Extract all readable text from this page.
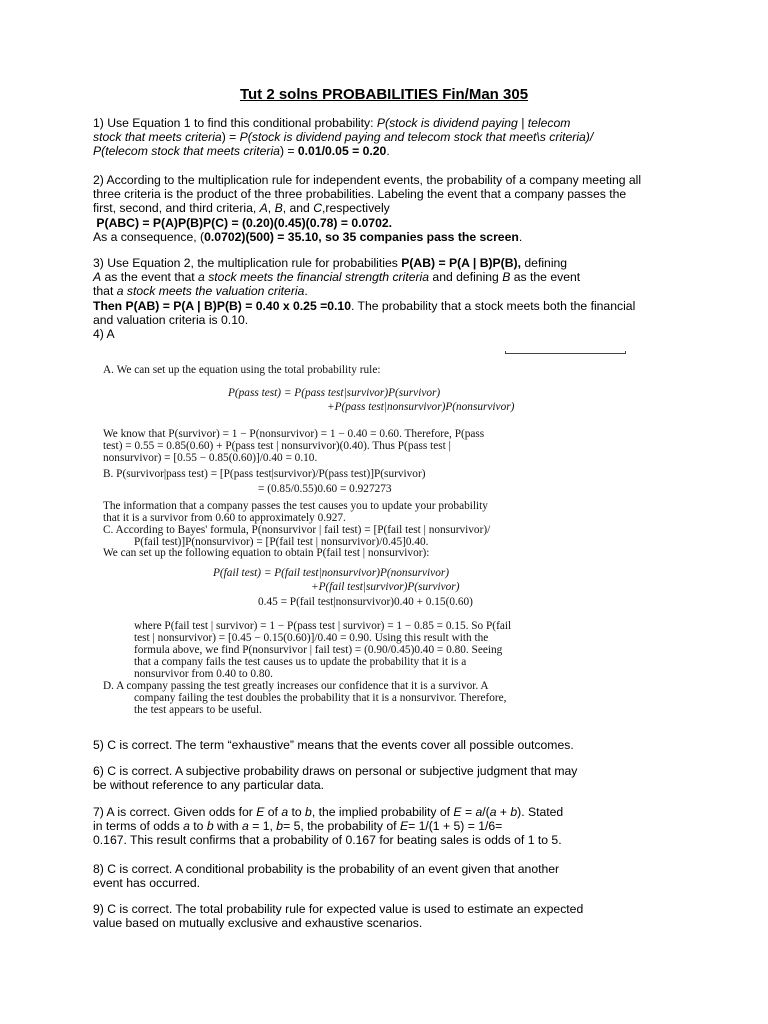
Tut 2 solns PROBABILITIES Fin/Man 305
1) Use Equation 1 to find this conditional probability: P(stock is dividend paying | telecom
stock that meets criteria) = P(stock is dividend paying and telecom stock that meet\s criteria)/
P(telecom stock that meets criteria) = 0.01/0.05 = 0.20.
2) According to the multiplication rule for independent events, the probability of a company meeting all
three criteria is the product of the three probabilities. Labeling the event that a company passes the
first, second, and third criteria, A, B, and C,respectively
P(ABC) = P(A)P(B)P(C) = (0.20)(0.45)(0.78) = 0.0702.
As a consequence, (0.0702)(500) = 35.10, so 35 companies pass the screen.
3) Use Equation 2, the multiplication rule for probabilities P(AB) = P(A | B)P(B), defining
A as the event that a stock meets the financial strength criteria and defining B as the event
that a stock meets the valuation criteria.
Then P(AB) = P(A | B)P(B) = 0.40 x 0.25 =0.10. The probability that a stock meets both the financial
and valuation criteria is 0.10.
4) A
A. We can set up the equation using the total probability rule:
P(pass test) = P(pass test|survivor)P(survivor)
+P(pass test|nonsurvivor)P(nonsurvivor)
We know that P(survivor) = 1 − P(nonsurvivor) = 1 − 0.40 = 0.60. Therefore, P(pass
test) = 0.55 = 0.85(0.60) + P(pass test | nonsurvivor)(0.40). Thus P(pass test |
nonsurvivor) = [0.55 − 0.85(0.60)]/0.40 = 0.10.
B. P(survivor|pass test) = [P(pass test|survivor)/P(pass test)]P(survivor)
= (0.85/0.55)0.60 = 0.927273
The information that a company passes the test causes you to update your probability
that it is a survivor from 0.60 to approximately 0.927.
C. According to Bayes' formula, P(nonsurvivor | fail test) = [P(fail test | nonsurvivor)/
P(fail test)]P(nonsurvivor) = [P(fail test | nonsurvivor)/0.45]0.40.
We can set up the following equation to obtain P(fail test | nonsurvivor):
P(fail test) = P(fail test|nonsurvivor)P(nonsurvivor)
+P(fail test|survivor)P(survivor)
0.45 = P(fail test|nonsurvivor)0.40 + 0.15(0.60)
where P(fail test | survivor) = 1 − P(pass test | survivor) = 1 − 0.85 = 0.15. So P(fail
test | nonsurvivor) = [0.45 − 0.15(0.60)]/0.40 = 0.90. Using this result with the
formula above, we find P(nonsurvivor | fail test) = (0.90/0.45)0.40 = 0.80. Seeing
that a company fails the test causes us to update the probability that it is a
nonsurvivor from 0.40 to 0.80.
D. A company passing the test greatly increases our confidence that it is a survivor. A
company failing the test doubles the probability that it is a nonsurvivor. Therefore,
the test appears to be useful.
5) C is correct. The term “exhaustive” means that the events cover all possible outcomes.
6) C is correct. A subjective probability draws on personal or subjective judgment that may
be without reference to any particular data.
7) A is correct. Given odds for E of a to b, the implied probability of E = a/(a + b). Stated
in terms of odds a to b with a = 1, b= 5, the probability of E= 1/(1 + 5) = 1/6=
0.167. This result confirms that a probability of 0.167 for beating sales is odds of 1 to 5.
8) C is correct. A conditional probability is the probability of an event given that another
event has occurred.
9) C is correct. The total probability rule for expected value is used to estimate an expected
value based on mutually exclusive and exhaustive scenarios.
